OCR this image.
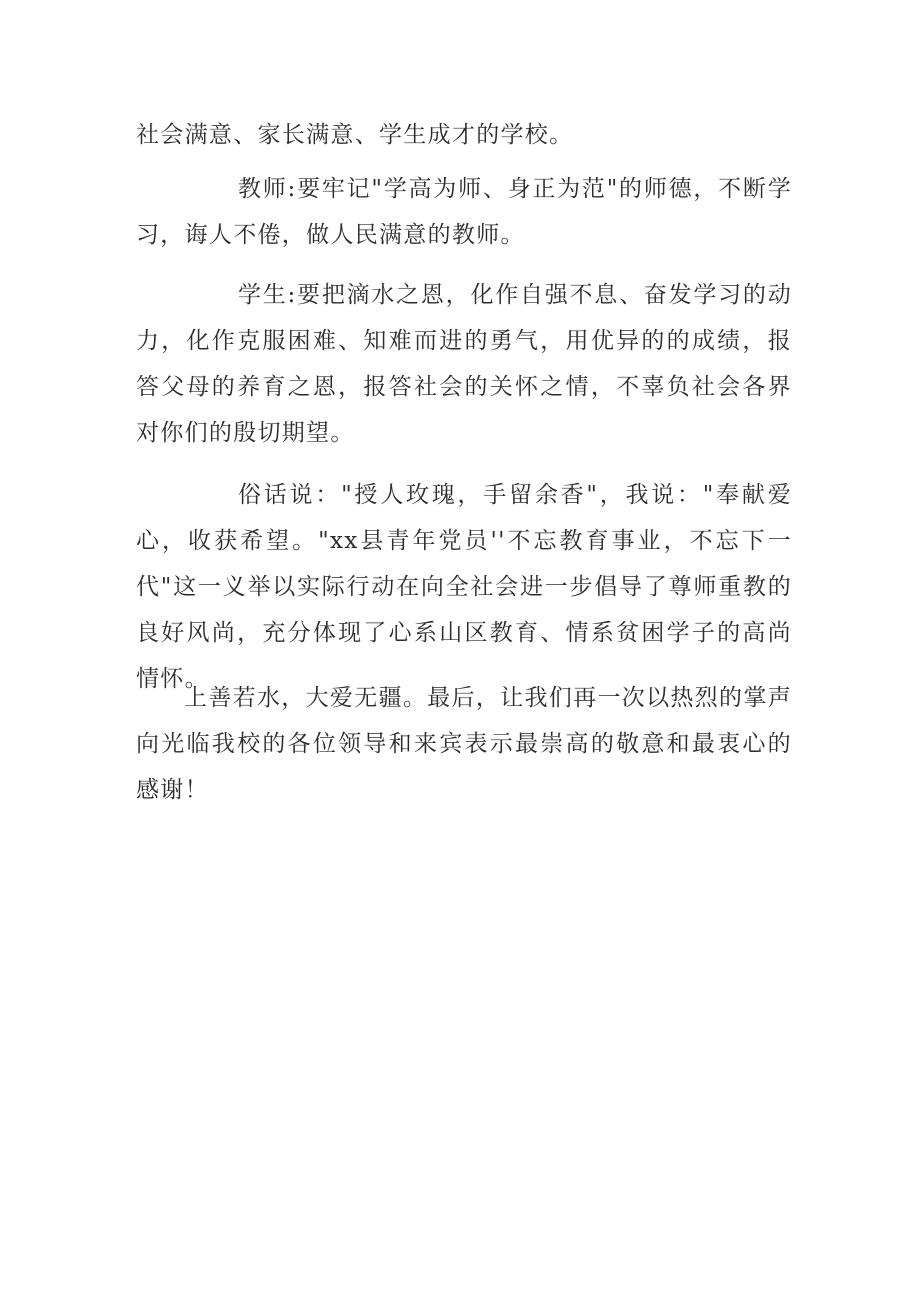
社会满意、家长满意、学生成才的学校。

教师:要牢记"学高为师、身正为范"的师德，不断学习，诲人不倦，做人民满意的教师。

学生:要把滴水之恩，化作自强不息、奋发学习的动力，化作克服困难、知难而进的勇气，用优异的的成绩，报答父母的养育之恩，报答社会的关怀之情，不辜负社会各界对你们的殷切期望。

俗话说："授人玫瑰，手留余香"，我说："奉献爱心，收获希望。"xx县青年党员''不忘教育事业，不忘下一代"这一义举以实际行动在向全社会进一步倡导了尊师重教的良好风尚，充分体现了心系山区教育、情系贫困学子的高尚情怀。

上善若水，大爱无疆。最后，让我们再一次以热烈的掌声向光临我校的各位领导和来宾表示最崇高的敬意和最衷心的感谢！
